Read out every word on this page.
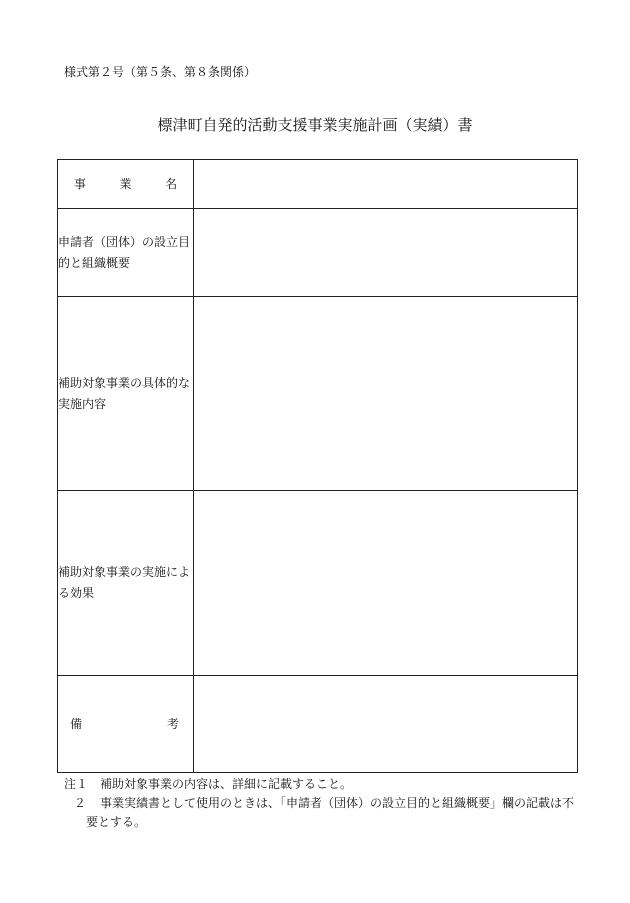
様式第２号（第５条、第８条関係）
標津町自発的活動支援事業実施計画（実績）書
事　業　名	

申請者（団体）の設立目的と組織概要	
補助対象事業の具体的な実施内容	
補助対象事業の実施による効果	

備 考	

注１ 補助対象事業の内容は、詳細に記載すること。
２	事業実績書として使用のときは、「申請者（団体）の設立目的と組織概要」欄の記載は不
要とする。
